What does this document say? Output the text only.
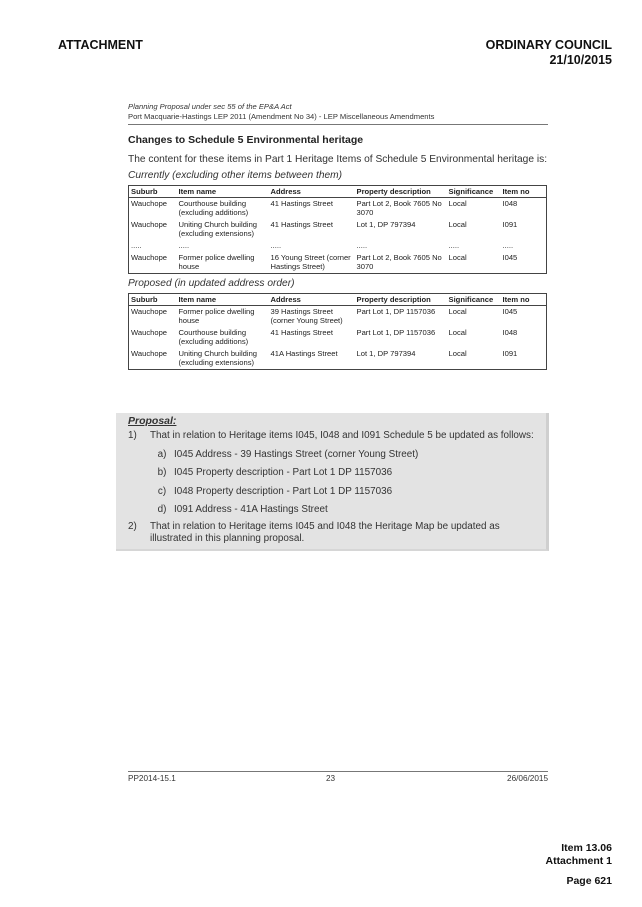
ATTACHMENT	ORDINARY COUNCIL
21/10/2015
Planning Proposal under sec 55 of the EP&A Act
Port Macquarie-Hastings LEP 2011 (Amendment No 34) - LEP Miscellaneous Amendments
Changes to Schedule 5 Environmental heritage
The content for these items in Part 1 Heritage Items of Schedule 5 Environmental heritage is:
Currently (excluding other items between them)
Suburb	Item name	Address	Property description	Significance	Item no
Wauchope	Courthouse building (excluding additions)	41 Hastings Street	Part Lot 2, Book 7605 No 3070	Local	I048
Wauchope	Uniting Church building (excluding extensions)	41 Hastings Street	Lot 1, DP 797394	Local	I091
.....	.....	.....	.....	.....	.....
Wauchope	Former police dwelling house	16 Young Street (corner Hastings Street)	Part Lot 2, Book 7605 No 3070	Local	I045
Proposed (in updated address order)
Suburb	Item name	Address	Property description	Significance	Item no
Wauchope	Former police dwelling house	39 Hastings Street (corner Young Street)	Part Lot 1, DP 1157036	Local	I045
Wauchope	Courthouse building (excluding additions)	41 Hastings Street	Part Lot 1, DP 1157036	Local	I048
Wauchope	Uniting Church building (excluding extensions)	41A Hastings Street	Lot 1, DP 797394	Local	I091
Proposal:
1)	That in relation to Heritage items I045, I048 and I091 Schedule 5 be updated as follows:
a) I045 Address - 39 Hastings Street (corner Young Street)
b) I045 Property description - Part Lot 1 DP 1157036
c) I048 Property description - Part Lot 1 DP 1157036
d) I091 Address - 41A Hastings Street
2)	That in relation to Heritage items I045 and I048 the Heritage Map be updated as illustrated in this planning proposal.
PP2014-15.1	23	26/06/2015
Item 13.06
Attachment 1
Page 621
